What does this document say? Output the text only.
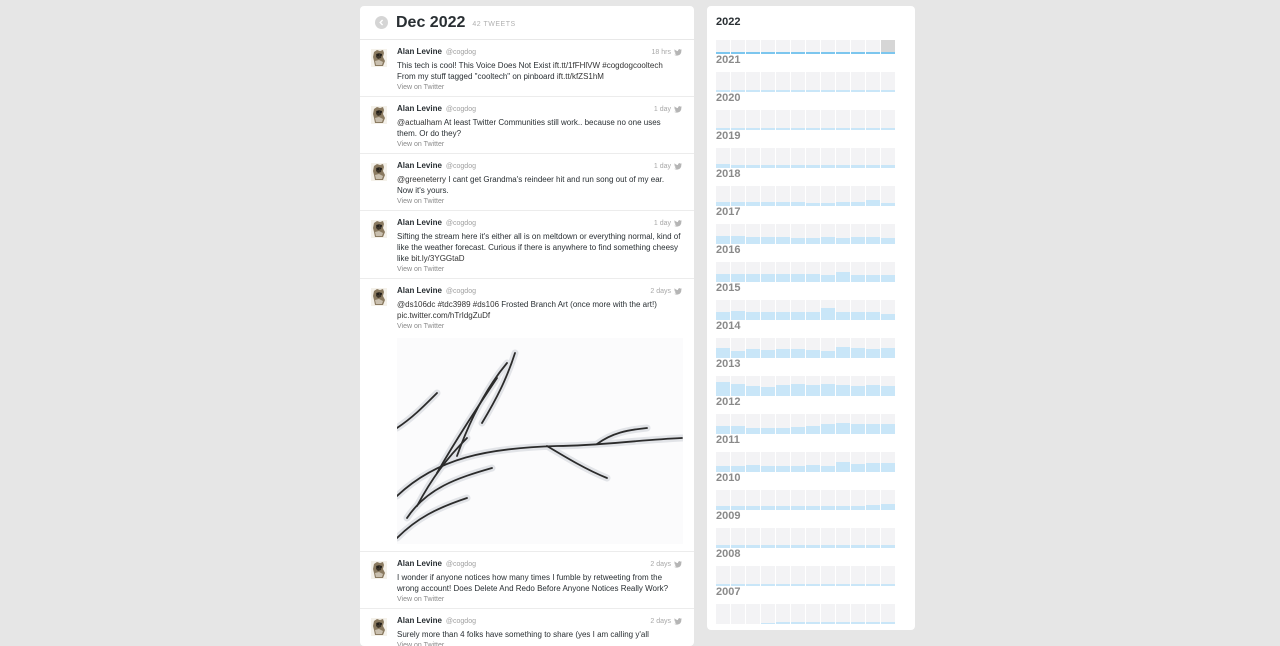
Dec 2022 42 TWEETS
Alan Levine @cogdog	18 hrs
This tech is cool! This Voice Does Not Exist ift.tt/1fFHlVW #cogdogcooltech From my stuff tagged "cooltech" on pinboard ift.tt/kfZS1hM
View on Twitter
Alan Levine @cogdog	1 day
@actualham At least Twitter Communities still work.. because no one uses them. Or do they?
View on Twitter
Alan Levine @cogdog	1 day
@greeneterry I cant get Grandma's reindeer hit and run song out of my ear. Now it's yours.
View on Twitter
Alan Levine @cogdog	1 day
Sifting the stream here it's either all is on meltdown or everything normal, kind of like the weather forecast. Curious if there is anywhere to find something cheesy like bit.ly/3YGGtaD
View on Twitter
Alan Levine @cogdog	2 days
@ds106dc #tdc3989 #ds106 Frosted Branch Art (once more with the art!) pic.twitter.com/hTrIdgZuDf
View on Twitter
Alan Levine @cogdog	2 days
I wonder if anyone notices how many times I fumble by retweeting from the wrong account! Does Delete And Redo Before Anyone Notices Really Work?
View on Twitter
Alan Levine @cogdog	2 days
Surely more than 4 folks have something to share (yes I am calling y'all
View on Twitter
2022
2021
2020
2019
2018
2017
2016
2015
2014
2013
2012
2011
2010
2009
2008
2007
